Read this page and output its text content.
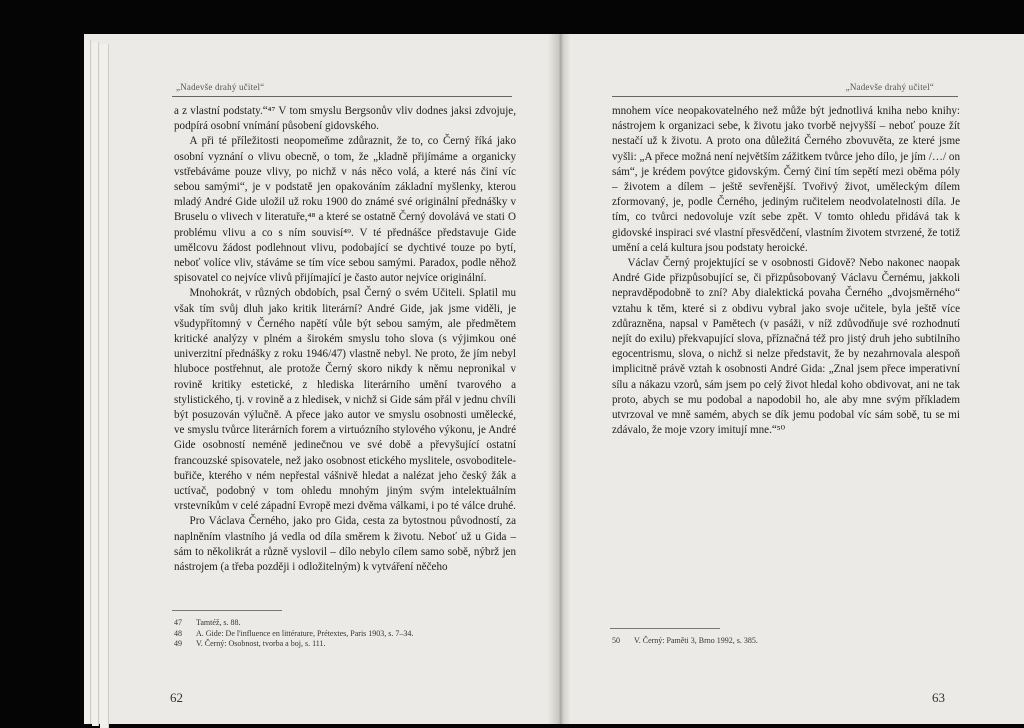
„Nadevše drahý učitel“

a z vlastní podstaty.“⁴⁷ V tom smyslu Bergsonův vliv dodnes jaksi zdvojuje, podpírá osobní vnímání působení gidovského.

A při té příležitosti neopomeňme zdůraznit, že to, co Černý říká jako osobní vyznání o vlivu obecně, o tom, že „kladně přijímáme a organicky vstřebáváme pouze vlivy, po nichž v nás něco volá, a které nás činí víc sebou samými“, je v podstatě jen opakováním základní myšlenky, kterou mladý André Gide uložil už roku 1900 do známé své originální přednášky v Bruselu o vlivech v literatuře,⁴⁸ a které se ostatně Černý dovolává ve stati O problému vlivu a co s ním souvisí⁴⁹. V té přednášce představuje Gide umělcovu žádost podlehnout vlivu, podobající se dychtivé touze po bytí, neboť volíce vliv, stáváme se tím více sebou samými. Paradox, podle něhož spisovatel co nejvíce vlivů přijímající je často autor nejvíce originální.

Mnohokrát, v různých obdobích, psal Černý o svém Učiteli. Splatil mu však tím svůj dluh jako kritik literární? André Gide, jak jsme viděli, je všudypřítomný v Černého napětí vůle být sebou samým, ale předmětem kritické analýzy v plném a širokém smyslu toho slova (s výjimkou oné univerzitní přednášky z roku 1946/47) vlastně nebyl. Ne proto, že jím nebyl hluboce postřehnut, ale protože Černý skoro nikdy k němu nepronikal v rovině kritiky estetické, z hlediska literárního umění tvarového a stylistického, tj. v rovině a z hledisek, v nichž si Gide sám přál v jednu chvíli být posuzován výlučně. A přece jako autor ve smyslu osobnosti umělecké, ve smyslu tvůrce literárních forem a virtuózního stylového výkonu, je André Gide osobností neméně jedinečnou ve své době a převyšující ostatní francouzské spisovatele, než jako osobnost etického myslitele, osvoboditele-buřiče, kterého v ném nepřestal vášnivě hledat a nalézat jeho český žák a uctívač, podobný v tom ohledu mnohým jiným svým intelektuálním vrstevníkům v celé západní Evropě mezi dvěma válkami, i po té válce druhé.

Pro Václava Černého, jako pro Gida, cesta za bytostnou původností, za naplněním vlastního já vedla od díla směrem k životu. Neboť už u Gida – sám to několikrát a různě vyslovil – dílo nebylo cílem samo sobě, nýbrž jen nástrojem (a třeba později i odložitelným) k vytváření něčeho

47 Tamtéž, s. 88.
48 A. Gide: De l'influence en littérature, Prétextes, Paris 1903, s. 7–34.
49 V. Černý: Osobnost, tvorba a boj, s. 111.
62
„Nadevše drahý učitel“

mnohem více neopakovatelného než může být jednotlivá kniha nebo knihy: nástrojem k organizaci sebe, k životu jako tvorbě nejvyšší – neboť pouze žít nestačí už k životu. A proto ona důležitá Černého zbovuvěta, ze které jsme vyšli: „A přece možná není největším zážitkem tvůrce jeho dílo, je jím /…/ on sám“, je krédem povýtce gidovským. Černý činí tím sepětí mezi oběma póly – životem a dílem – ještě sevřenější. Tvořivý život, uměleckým dílem zformovaný, je, podle Černého, jediným ručitelem neodvolatelnosti díla. Je tím, co tvůrci nedovoluje vzít sebe zpět. V tomto ohledu přidává tak k gidovské inspiraci své vlastní přesvědčení, vlastním životem stvrzené, že totiž umění a celá kultura jsou podstaty heroické.

Václav Černý projektující se v osobnosti Gidově? Nebo nakonec naopak André Gide přizpůsobující se, či přizpůsobovaný Václavu Černému, jakkoli nepravděpodobně to zní? Aby dialektická povaha Černého „dvojsměrného“ vztahu k těm, které si z obdivu vybral jako svoje učitele, byla ještě více zdůrazněna, napsal v Pamětech (v pasáži, v níž zdůvodňuje své rozhodnutí nejít do exilu) překvapující slova, příznačná též pro jistý druh jeho subtilního egocentrismu, slova, o nichž si nelze představit, že by nezahrnovala alespoň implicitně právě vztah k osobnosti André Gida: „Znal jsem přece imperativní sílu a nákazu vzorů, sám jsem po celý život hledal koho obdivovat, ani ne tak proto, abych se mu podobal a napodobil ho, ale aby mne svým příkladem utvrzoval ve mně samém, abych se dík jemu podobal víc sám sobě, tu se mi zdávalo, že moje vzory imitují mne.“⁵⁰

50 V. Černý: Paměti 3, Brno 1992, s. 385.
63
